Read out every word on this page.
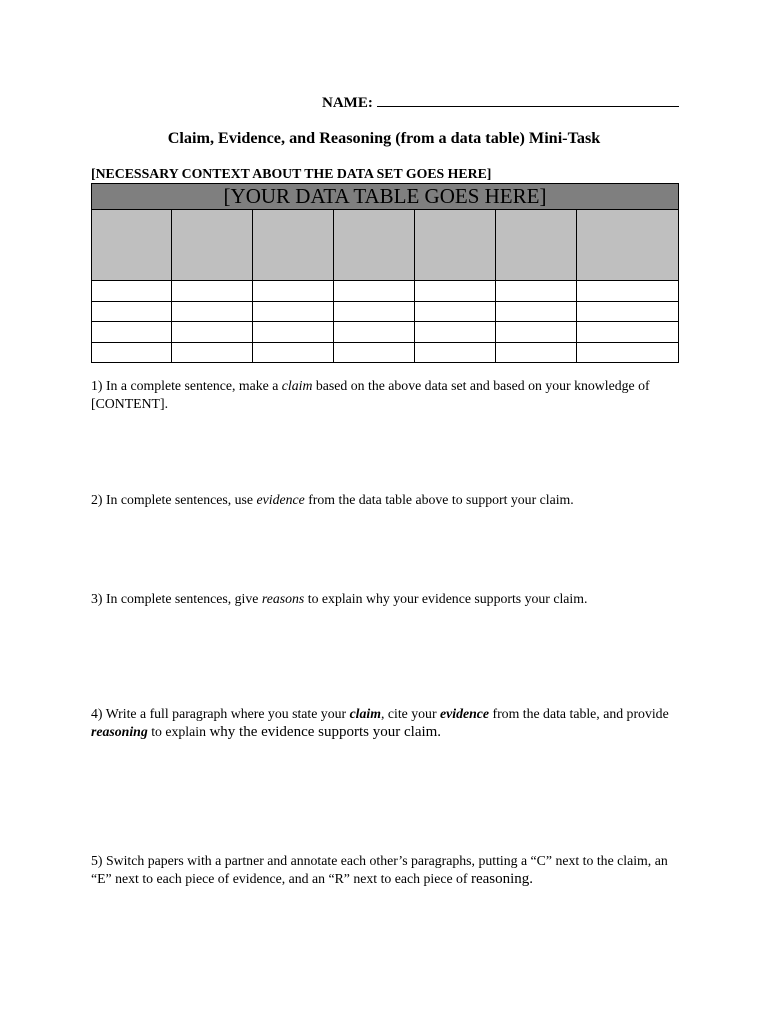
NAME:
Claim, Evidence, and Reasoning (from a data table) Mini-Task
[NECESSARY CONTEXT ABOUT THE DATA SET GOES HERE]
[YOUR DATA TABLE GOES HERE]
1) In a complete sentence, make a claim based on the above data set and based on your knowledge of
[CONTENT].
2) In complete sentences, use evidence from the data table above to support your claim.
3) In complete sentences, give reasons to explain why your evidence supports your claim.
4) Write a full paragraph where you state your claim, cite your evidence from the data table, and provide
reasoning to explain why the evidence supports your claim.
5) Switch papers with a partner and annotate each other’s paragraphs, putting a “C” next to the claim, an
“E” next to each piece of evidence, and an “R” next to each piece of reasoning.
